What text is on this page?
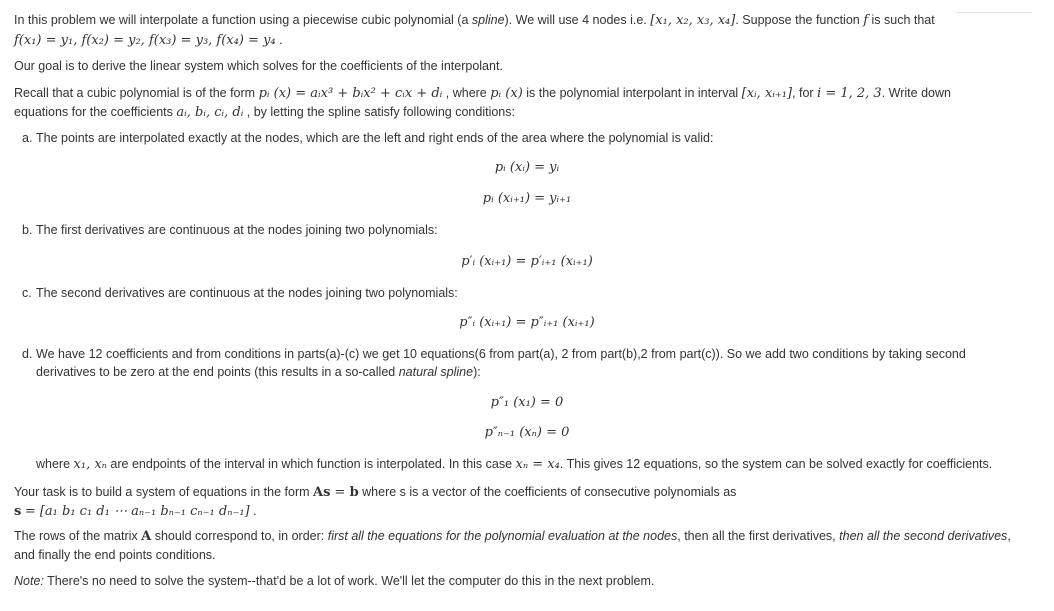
In this problem we will interpolate a function using a piecewise cubic polynomial (a spline). We will use 4 nodes i.e. [x₁, x₂, x₃, x₄]. Suppose the function f is such that

f(x₁) = y₁, f(x₂) = y₂, f(x₃) = y₃, f(x₄) = y₄ .

Our goal is to derive the linear system which solves for the coefficients of the interpolant.

Recall that a cubic polynomial is of the form pᵢ (x) = aᵢx³ + bᵢx² + cᵢx + dᵢ , where pᵢ (x) is the polynomial interpolant in interval [xᵢ, xᵢ₊₁], for i = 1, 2, 3. Write down

equations for the coefficients aᵢ, bᵢ, cᵢ, dᵢ , by letting the spline satisfy following conditions:

a. The points are interpolated exactly at the nodes, which are the left and right ends of the area where the polynomial is valid:
pᵢ (xᵢ) = yᵢ
pᵢ (xᵢ₊₁) = yᵢ₊₁
b. The first derivatives are continuous at the nodes joining two polynomials:
p′ᵢ (xᵢ₊₁) = p′ᵢ₊₁ (xᵢ₊₁)
c. The second derivatives are continuous at the nodes joining two polynomials:
p″ᵢ (xᵢ₊₁) = p″ᵢ₊₁ (xᵢ₊₁)
d. We have 12 coefficients and from conditions in parts(a)-(c) we get 10 equations(6 from part(a), 2 from part(b),2 from part(c)). So we add two conditions by taking second
derivatives to be zero at the end points (this results in a so-called natural spline):
p″₁ (x₁) = 0
p″ₙ₋₁ (xₙ) = 0
where x₁, xₙ are endpoints of the interval in which function is interpolated. In this case xₙ = x₄. This gives 12 equations, so the system can be solved exactly for coefficients.

Your task is to build a system of equations in the form As = b where s is a vector of the coefficients of consecutive polynomials as

s = [a₁ b₁ c₁ d₁ ⋯ aₙ₋₁ bₙ₋₁ cₙ₋₁ dₙ₋₁] .

The rows of the matrix A should correspond to, in order: first all the equations for the polynomial evaluation at the nodes, then all the first derivatives, then all the second derivatives,

and finally the end points conditions.

Note: There's no need to solve the system--that'd be a lot of work. We'll let the computer do this in the next problem.
